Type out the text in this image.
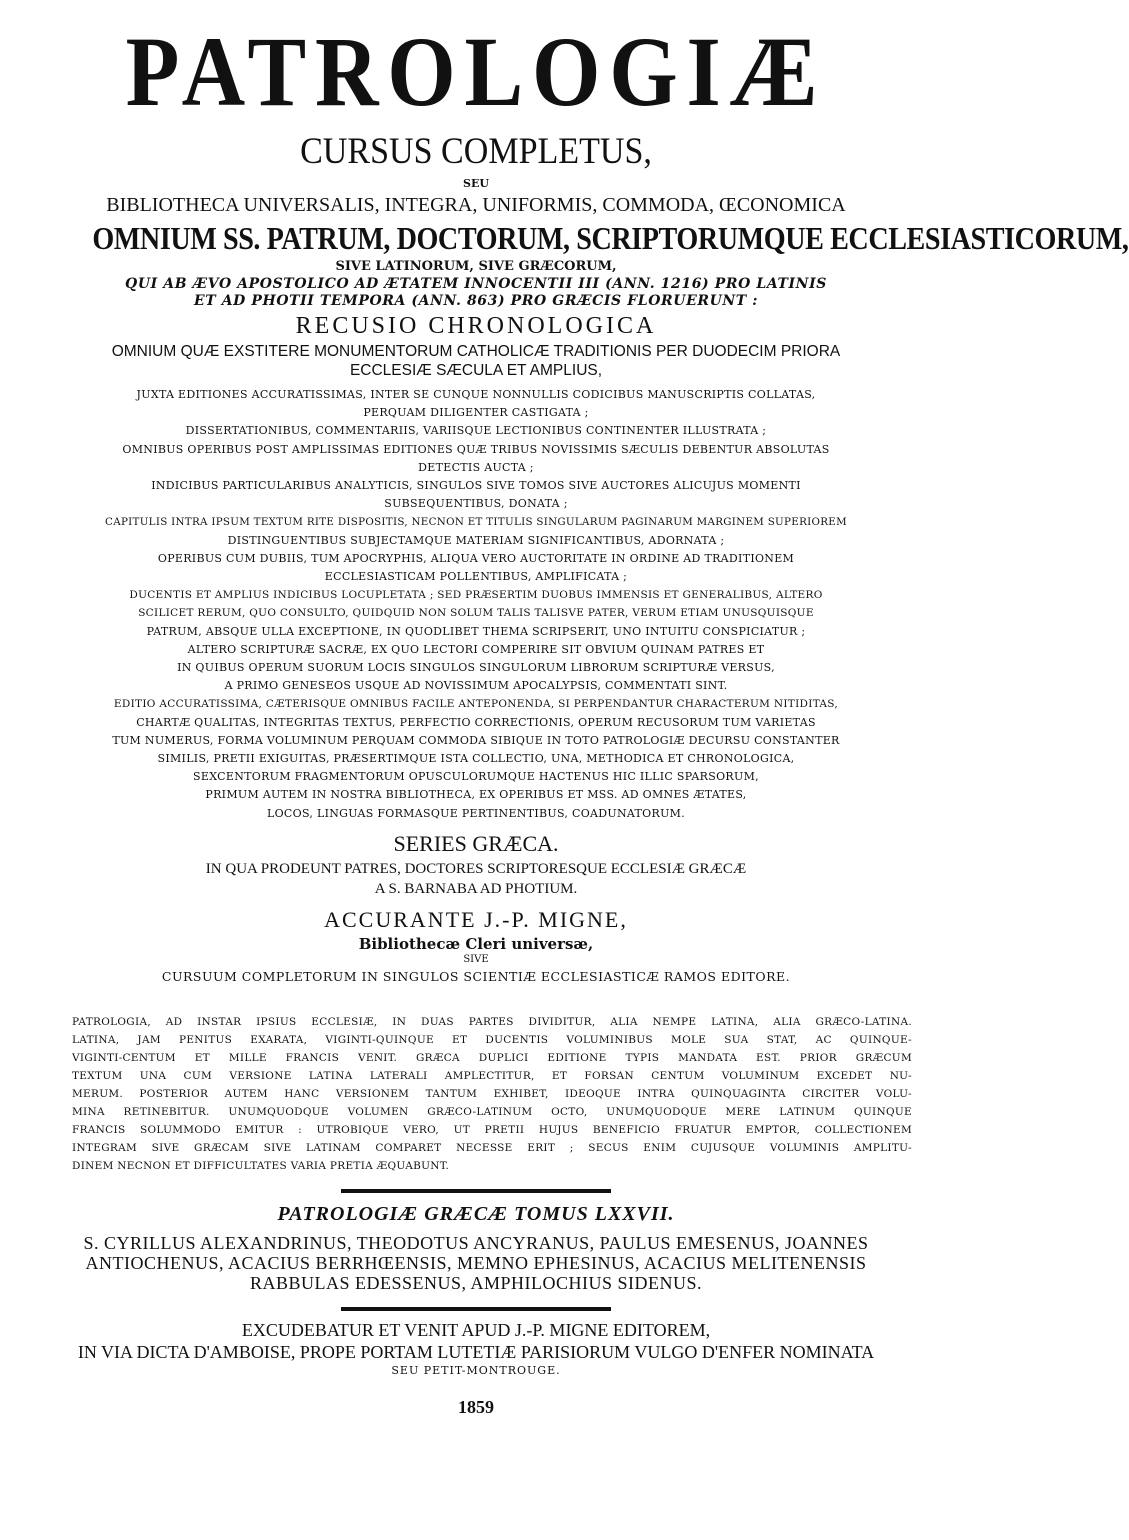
PATROLOGIÆ
CURSUS COMPLETUS,
SEU
BIBLIOTHECA UNIVERSALIS, INTEGRA, UNIFORMIS, COMMODA, ŒCONOMICA
OMNIUM SS. PATRUM, DOCTORUM, SCRIPTORUMQUE ECCLESIASTICORUM,
SIVE LATINORUM, SIVE GRÆCORUM,
QUI AB ÆVO APOSTOLICO AD ÆTATEM INNOCENTII III (ANN. 1216) PRO LATINIS
ET AD PHOTII TEMPORA (ANN. 863) PRO GRÆCIS FLORUERUNT :
RECUSIO CHRONOLOGICA
OMNIUM QUÆ EXSTITERE MONUMENTORUM CATHOLICÆ TRADITIONIS PER DUODECIM PRIORA
ECCLESIÆ SÆCULA ET AMPLIUS,
JUXTA EDITIONES ACCURATISSIMAS, INTER SE CUNQUE NONNULLIS CODICIBUS MANUSCRIPTIS COLLATAS,
PERQUAM DILIGENTER CASTIGATA ;
DISSERTATIONIBUS, COMMENTARIIS, VARIISQUE LECTIONIBUS CONTINENTER ILLUSTRATA ;
OMNIBUS OPERIBUS POST AMPLISSIMAS EDITIONES QUÆ TRIBUS NOVISSIMIS SÆCULIS DEBENTUR ABSOLUTAS
DETECTIS AUCTA ;
INDICIBUS PARTICULARIBUS ANALYTICIS, SINGULOS SIVE TOMOS SIVE AUCTORES ALICUJUS MOMENTI
SUBSEQUENTIBUS, DONATA ;
CAPITULIS INTRA IPSUM TEXTUM RITE DISPOSITIS, NECNON ET TITULIS SINGULARUM PAGINARUM MARGINEM SUPERIOREM
DISTINGUENTIBUS SUBJECTAMQUE MATERIAM SIGNIFICANTIBUS, ADORNATA ;
OPERIBUS CUM DUBIIS, TUM APOCRYPHIS, ALIQUA VERO AUCTORITATE IN ORDINE AD TRADITIONEM
ECCLESIASTICAM POLLENTIBUS, AMPLIFICATA ;
DUCENTIS ET AMPLIUS INDICIBUS LOCUPLETATA ; SED PRÆSERTIM DUOBUS IMMENSIS ET GENERALIBUS, ALTERO
SCILICET RERUM, QUO CONSULTO, QUIDQUID NON SOLUM TALIS TALISVE PATER, VERUM ETIAM UNUSQUISQUE
PATRUM, ABSQUE ULLA EXCEPTIONE, IN QUODLIBET THEMA SCRIPSERIT, UNO INTUITU CONSPICIATUR ;
ALTERO SCRIPTURÆ SACRÆ, EX QUO LECTORI COMPERIRE SIT OBVIUM QUINAM PATRES ET
IN QUIBUS OPERUM SUORUM LOCIS SINGULOS SINGULORUM LIBRORUM SCRIPTURÆ VERSUS,
A PRIMO GENESEOS USQUE AD NOVISSIMUM APOCALYPSIS, COMMENTATI SINT.
EDITIO ACCURATISSIMA, CÆTERISQUE OMNIBUS FACILE ANTEPONENDA, SI PERPENDANTUR CHARACTERUM NITIDITAS,
CHARTÆ QUALITAS, INTEGRITAS TEXTUS, PERFECTIO CORRECTIONIS, OPERUM RECUSORUM TUM VARIETAS
TUM NUMERUS, FORMA VOLUMINUM PERQUAM COMMODA SIBIQUE IN TOTO PATROLOGIÆ DECURSU CONSTANTER
SIMILIS, PRETII EXIGUITAS, PRÆSERTIMQUE ISTA COLLECTIO, UNA, METHODICA ET CHRONOLOGICA,
SEXCENTORUM FRAGMENTORUM OPUSCULORUMQUE HACTENUS HIC ILLIC SPARSORUM,
PRIMUM AUTEM IN NOSTRA BIBLIOTHECA, EX OPERIBUS ET MSS. AD OMNES ÆTATES,
LOCOS, LINGUAS FORMASQUE PERTINENTIBUS, COADUNATORUM.
SERIES GRÆCA.
IN QUA PRODEUNT PATRES, DOCTORES SCRIPTORESQUE ECCLESIÆ GRÆCÆ
A S. BARNABA AD PHOTIUM.
ACCURANTE J.-P. MIGNE,
Bibliothecæ Cleri universæ,
SIVE
CURSUUM COMPLETORUM IN SINGULOS SCIENTIÆ ECCLESIASTICÆ RAMOS EDITORE.
PATROLOGIA, AD INSTAR IPSIUS ECCLESIÆ, IN DUAS PARTES DIVIDITUR, ALIA NEMPE LATINA, ALIA GRÆCO-LATINA.
LATINA, JAM PENITUS EXARATA, VIGINTI-QUINQUE ET DUCENTIS VOLUMINIBUS MOLE SUA STAT, AC QUINQUE-
VIGINTI-CENTUM ET MILLE FRANCIS VENIT. GRÆCA DUPLICI EDITIONE TYPIS MANDATA EST. PRIOR GRÆCUM
TEXTUM UNA CUM VERSIONE LATINA LATERALI AMPLECTITUR, ET FORSAN CENTUM VOLUMINUM EXCEDET NU-
MERUM. POSTERIOR AUTEM HANC VERSIONEM TANTUM EXHIBET, IDEOQUE INTRA QUINQUAGINTA CIRCITER VOLU-
MINA RETINEBITUR. UNUMQUODQUE VOLUMEN GRÆCO-LATINUM OCTO, UNUMQUODQUE MERE LATINUM QUINQUE
FRANCIS SOLUMMODO EMITUR : UTROBIQUE VERO, UT PRETII HUJUS BENEFICIO FRUATUR EMPTOR, COLLECTIONEM
INTEGRAM SIVE GRÆCAM SIVE LATINAM COMPARET NECESSE ERIT ; SECUS ENIM CUJUSQUE VOLUMINIS AMPLITU-
DINEM NECNON ET DIFFICULTATES VARIA PRETIA ÆQUABUNT.
PATROLOGIÆ GRÆCÆ TOMUS LXXVII.
S. CYRILLUS ALEXANDRINUS, THEODOTUS ANCYRANUS, PAULUS EMESENUS, JOANNES
ANTIOCHENUS, ACACIUS BERRHŒENSIS, MEMNO EPHESINUS, ACACIUS MELITENENSIS
RABBULAS EDESSENUS, AMPHILOCHIUS SIDENUS.
EXCUDEBATUR ET VENIT APUD J.-P. MIGNE EDITOREM,
IN VIA DICTA D'AMBOISE, PROPE PORTAM LUTETIÆ PARISIORUM VULGO D'ENFER NOMINATA
SEU PETIT-MONTROUGE.
1859
